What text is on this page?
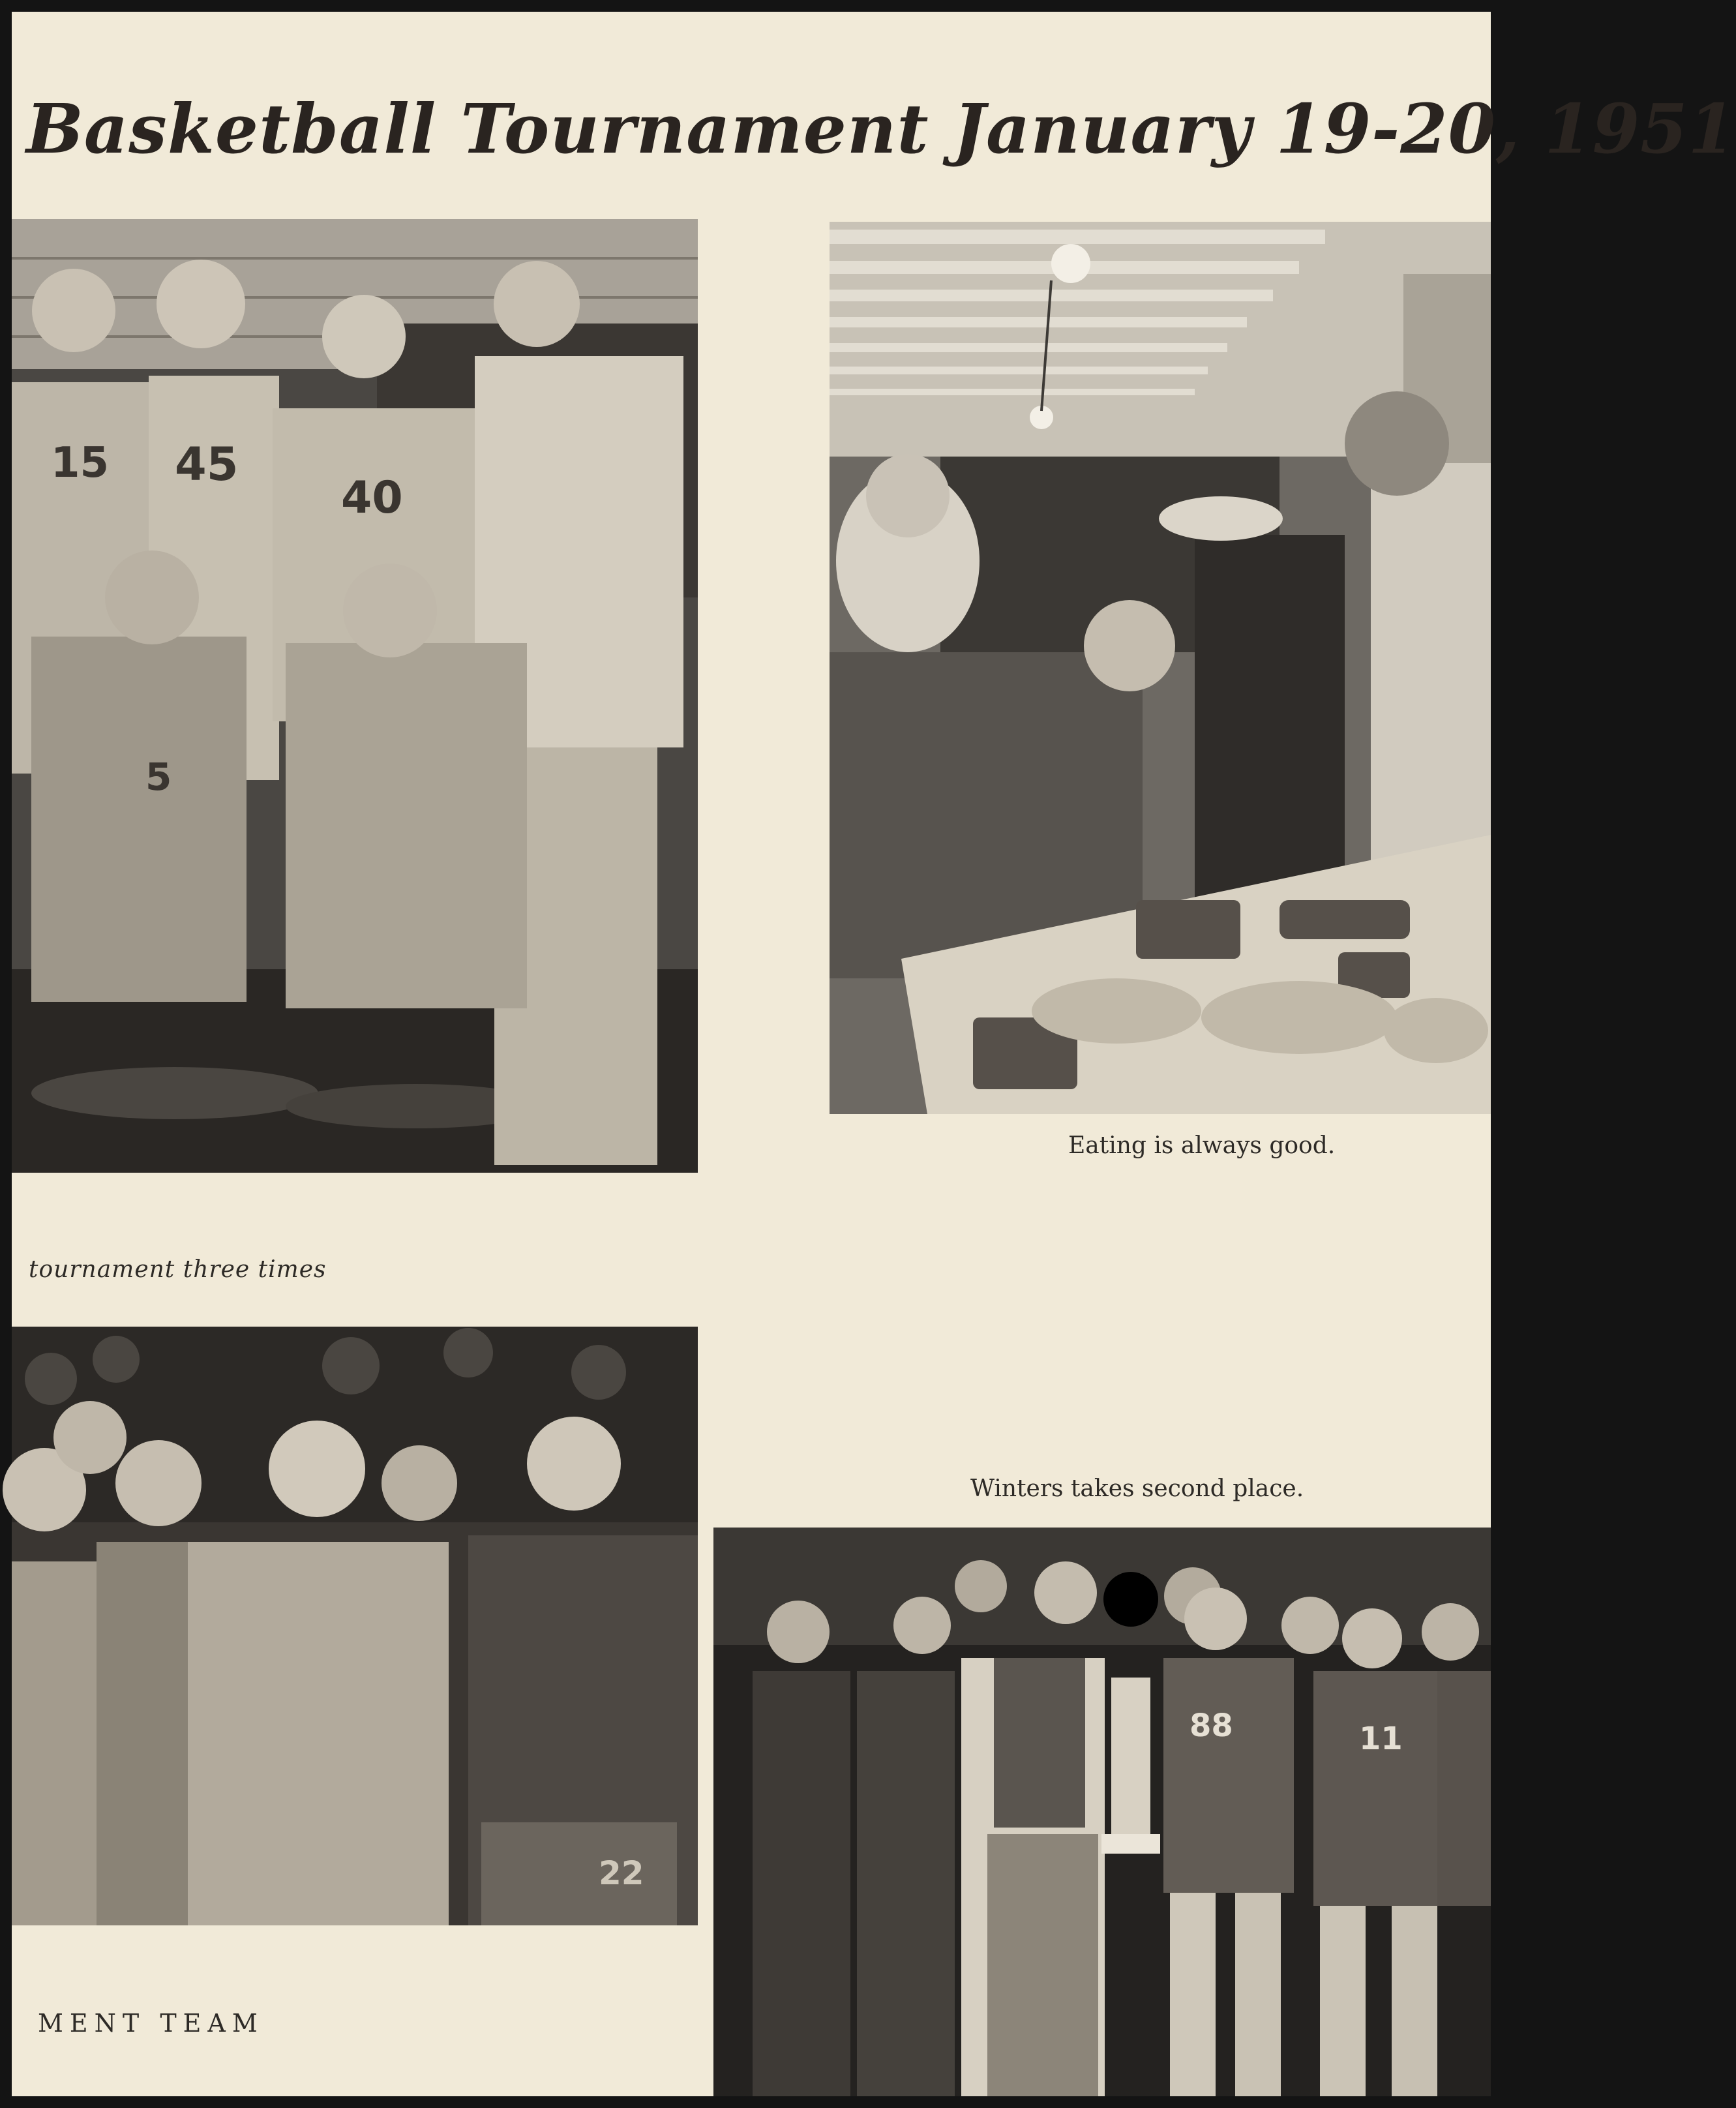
Basketball Tournament January 19-20, 1951
15 45
40
5
Eating is always good.
tournament three times
22
Winters takes second place.
88	11
MENT TEAM
